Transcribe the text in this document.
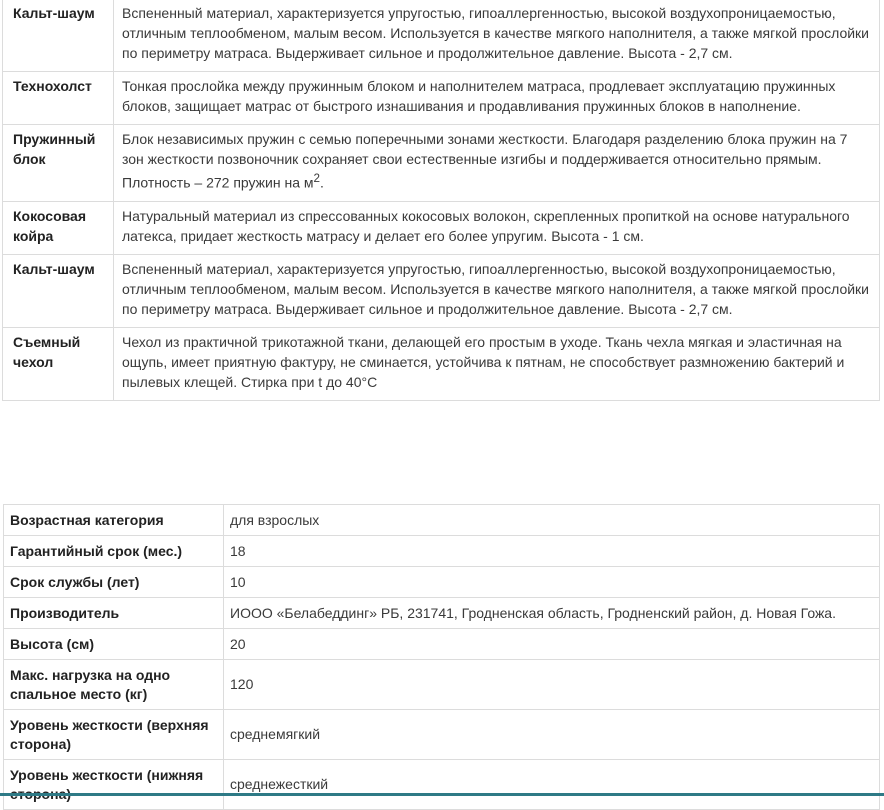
Кальт-шаум	Вспененный материал, характеризуется упругостью, гипоаллергенностью, высокой воздухопроницаемостью, отличным теплообменом, малым весом. Используется в качестве мягкого наполнителя, а также мягкой прослойки по периметру матраса. Выдерживает сильное и продолжительное давление. Высота - 2,7 см.
Технохолст	Тонкая прослойка между пружинным блоком и наполнителем матраса, продлевает эксплуатацию пружинных блоков, защищает матрас от быстрого изнашивания и продавливания пружинных блоков в наполнение.
Пружинный блок	Блок независимых пружин с семью поперечными зонами жесткости. Благодаря разделению блока пружин на 7 зон жесткости позвоночник сохраняет свои естественные изгибы и поддерживается относительно прямым. Плотность – 272 пружин на $м^2$.
Кокосовая койра	Натуральный материал из спрессованных кокосовых волокон, скрепленных пропиткой на основе натурального латекса, придает жесткость матрасу и делает его более упругим. Высота - 1 см.
Кальт-шаум	Вспененный материал, характеризуется упругостью, гипоаллергенностью, высокой воздухопроницаемостью, отличным теплообменом, малым весом. Используется в качестве мягкого наполнителя, а также мягкой прослойки по периметру матраса. Выдерживает сильное и продолжительное давление. Высота - 2,7 см.
Съемный чехол	Чехол из практичной трикотажной ткани, делающей его простым в уходе. Ткань чехла мягкая и эластичная на ощупь, имеет приятную фактуру, не сминается, устойчива к пятнам, не способствует размножению бактерий и пылевых клещей. Стирка при t до 40°C
Возрастная категория	для взрослых
Гарантийный срок (мес.)	18
Срок службы (лет)	10
Производитель	ИООО «Белабеддинг» РБ, 231741, Гродненская область, Гродненский район, д. Новая Гожа.
Высота (см)	20
Макс. нагрузка на одно спальное место (кг)	120
Уровень жесткости (верхняя сторона)	среднемягкий
Уровень жесткости (нижняя	среднежесткий
